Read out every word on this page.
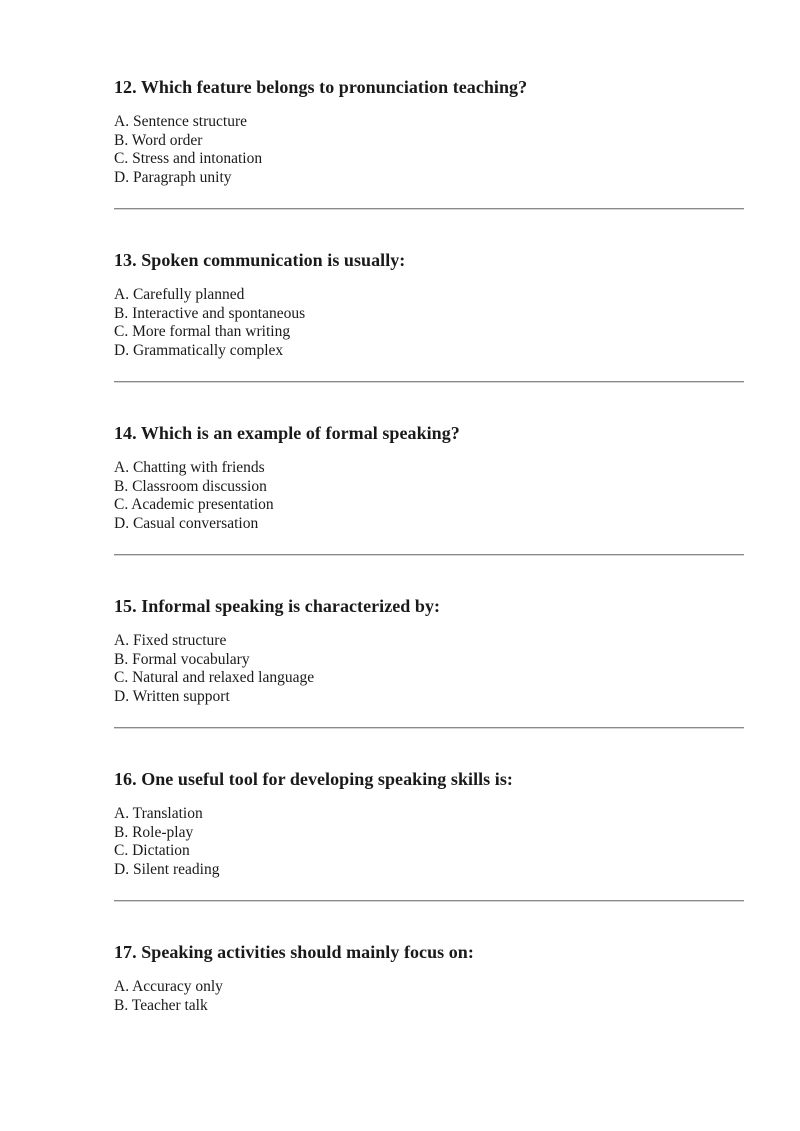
12. Which feature belongs to pronunciation teaching?

A. Sentence structure

B. Word order

C. Stress and intonation

D. Paragraph unity

13. Spoken communication is usually:

A. Carefully planned

B. Interactive and spontaneous

C. More formal than writing

D. Grammatically complex

14. Which is an example of formal speaking?

A. Chatting with friends

B. Classroom discussion

C. Academic presentation

D. Casual conversation

15. Informal speaking is characterized by:

A. Fixed structure

B. Formal vocabulary

C. Natural and relaxed language

D. Written support

16. One useful tool for developing speaking skills is:

A. Translation

B. Role-play

C. Dictation

D. Silent reading

17. Speaking activities should mainly focus on:

A. Accuracy only

B. Teacher talk
